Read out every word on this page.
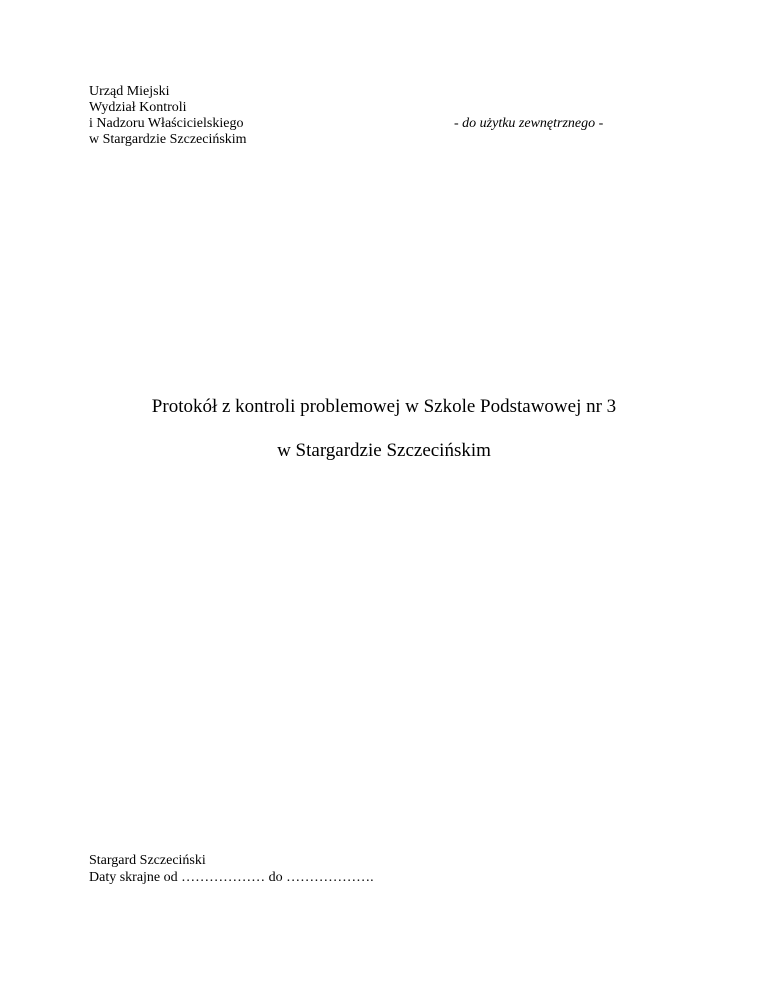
Urząd Miejski
Wydział Kontroli
i Nadzoru Właścicielskiego
w Stargardzie Szczecińskim
- do użytku zewnętrznego -
Protokół z kontroli problemowej w Szkole Podstawowej nr 3
w Stargardzie Szczecińskim
Stargard Szczeciński
Daty skrajne od ……………… do ……………….
